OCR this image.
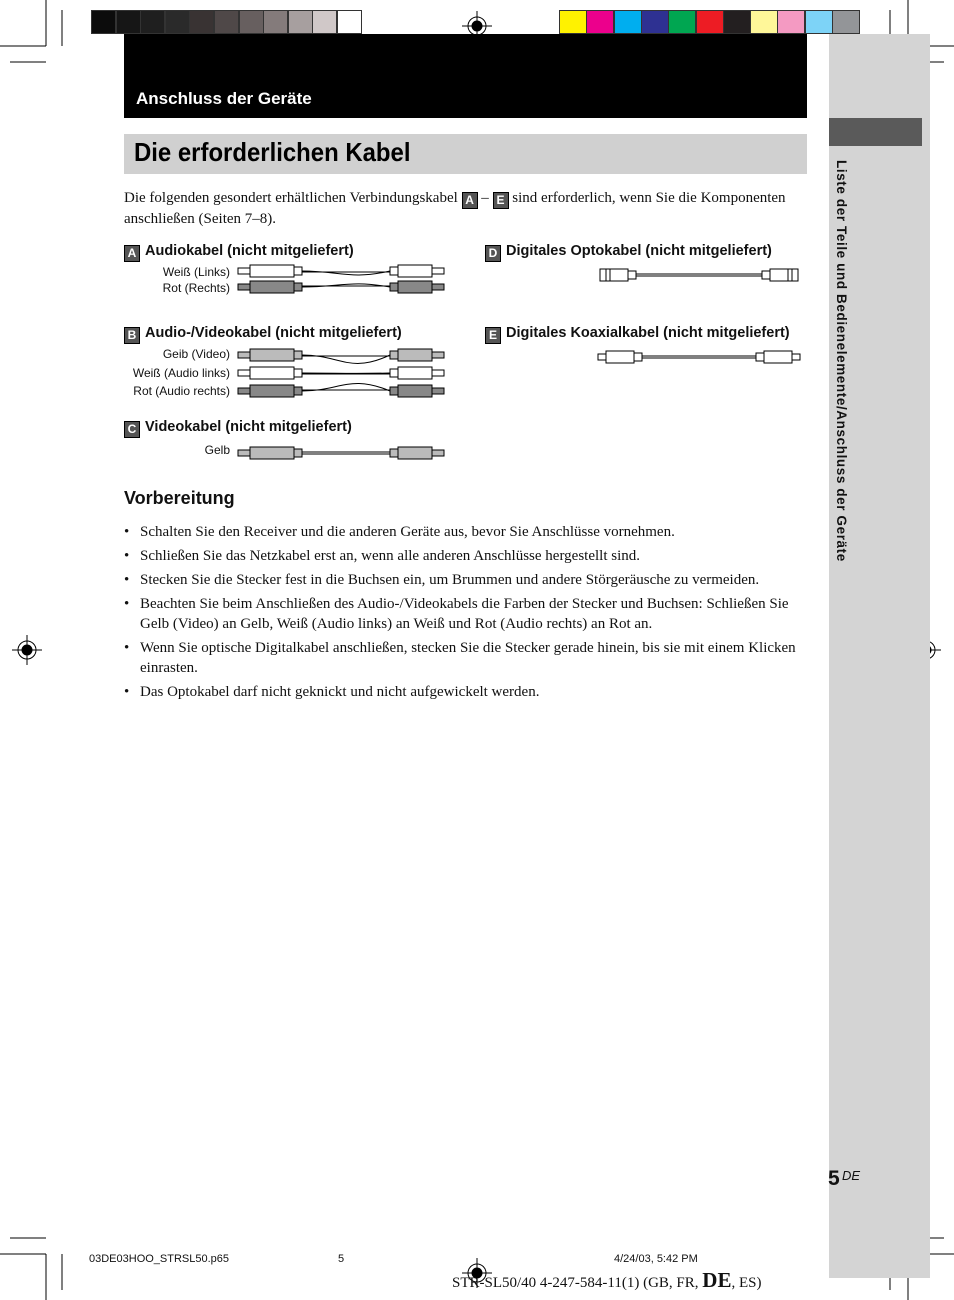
Liste der Teile und Bedienelemente/Anschluss der Geräte
Anschluss der Geräte
Die erforderlichen Kabel
Die folgenden gesondert erhältlichen Verbindungskabel A – E sind erforderlich, wenn Sie die Komponenten anschließen (Seiten 7–8).
A Audiokabel (nicht mitgeliefert)
Weiß (Links)
Rot (Rechts)
B Audio-/Videokabel (nicht mitgeliefert)
Geib (Video)
Weiß (Audio links)
Rot (Audio rechts)
C Videokabel (nicht mitgeliefert)
Gelb
D Digitales Optokabel (nicht mitgeliefert)
E Digitales Koaxialkabel (nicht mitgeliefert)
Vorbereitung
• Schalten Sie den Receiver und die anderen Geräte aus, bevor Sie Anschlüsse vornehmen.
• Schließen Sie das Netzkabel erst an, wenn alle anderen Anschlüsse hergestellt sind.
• Stecken Sie die Stecker fest in die Buchsen ein, um Brummen und andere Störgeräusche zu vermeiden.
• Beachten Sie beim Anschließen des Audio-/Videokabels die Farben der Stecker und Buchsen: Schließen Sie Gelb (Video) an Gelb, Weiß (Audio links) an Weiß und Rot (Audio rechts) an Rot an.
• Wenn Sie optische Digitalkabel anschließen, stecken Sie die Stecker gerade hinein, bis sie mit einem Klicken einrasten.
• Das Optokabel darf nicht geknickt und nicht aufgewickelt werden.
5 DE
03DE03HOO_STRSL50.p65	5	4/24/03, 5:42 PM
STR-SL50/40 4-247-584-11(1) (GB, FR, DE, ES)
